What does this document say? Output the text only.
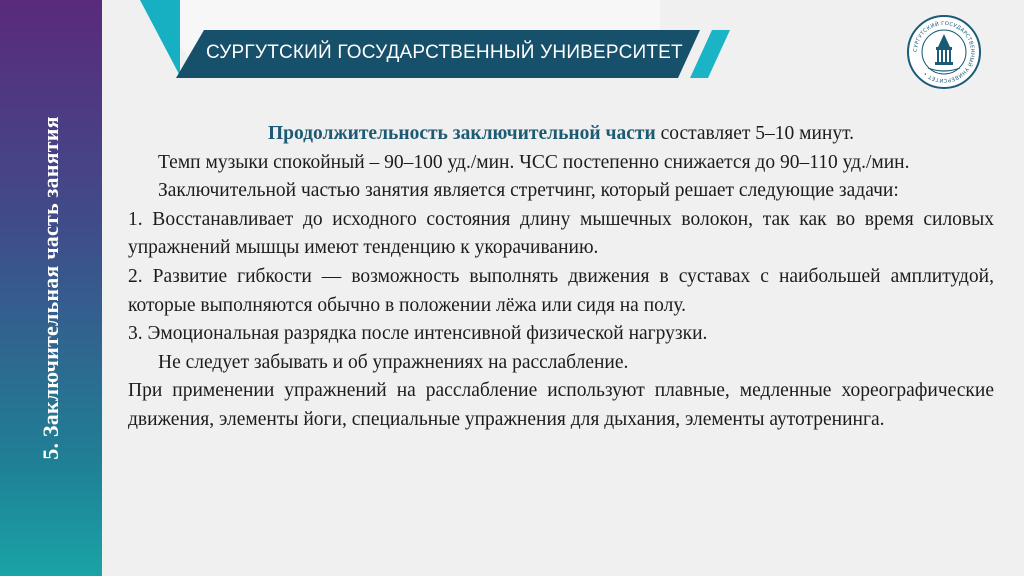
5. Заключительная часть занятия
СУРГУТСКИЙ ГОСУДАРСТВЕННЫЙ УНИВЕРСИТЕТ	СУРГУТСКИЙ ГОСУДАРСТВЕННЫЙ УНИВЕРСИТЕТ •

Продолжительность заключительной части составляет 5–10 минут.

Темп музыки спокойный – 90–100 уд./мин. ЧСС постепенно снижается до 90–110 уд./мин.

Заключительной частью занятия является стретчинг, который решает следующие задачи:

1. Восстанавливает до исходного состояния длину мышечных волокон, так как во время силовых упражнений мышцы имеют тенденцию к укорачиванию.

2. Развитие гибкости — возможность выполнять движения в суставах с наибольшей амплитудой, которые выполняются обычно в положении лёжа или сидя на полу.

3. Эмоциональная разрядка после интенсивной физической нагрузки.

Не следует забывать и об упражнениях на расслабление.

При применении упражнений на расслабление используют плавные, медленные хореографические движения, элементы йоги, специальные упражнения для дыхания, элементы аутотренинга.
